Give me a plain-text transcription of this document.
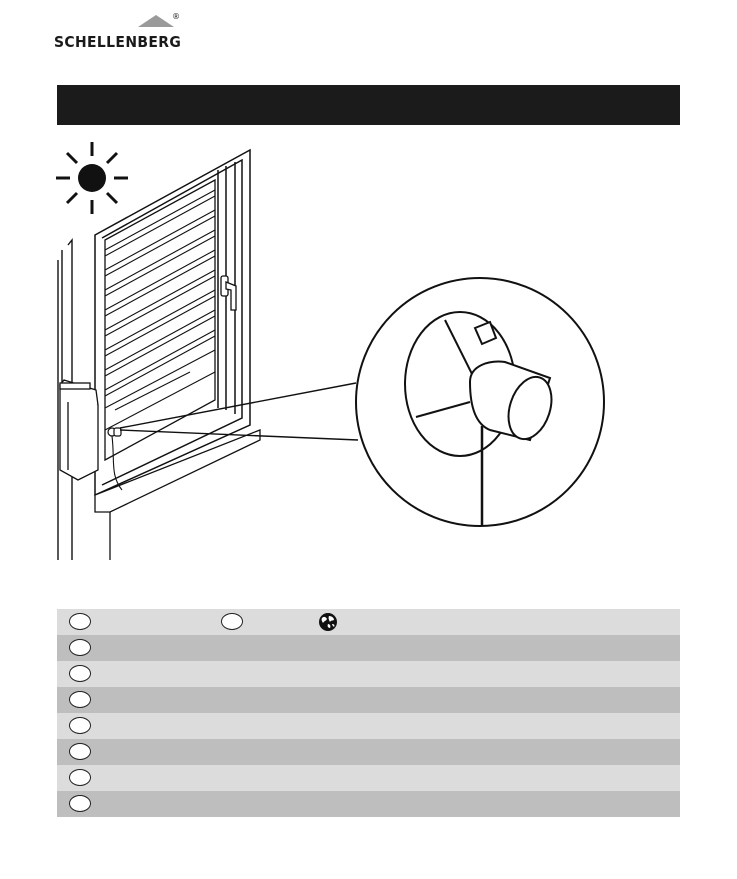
®
SCHELLENBERG
